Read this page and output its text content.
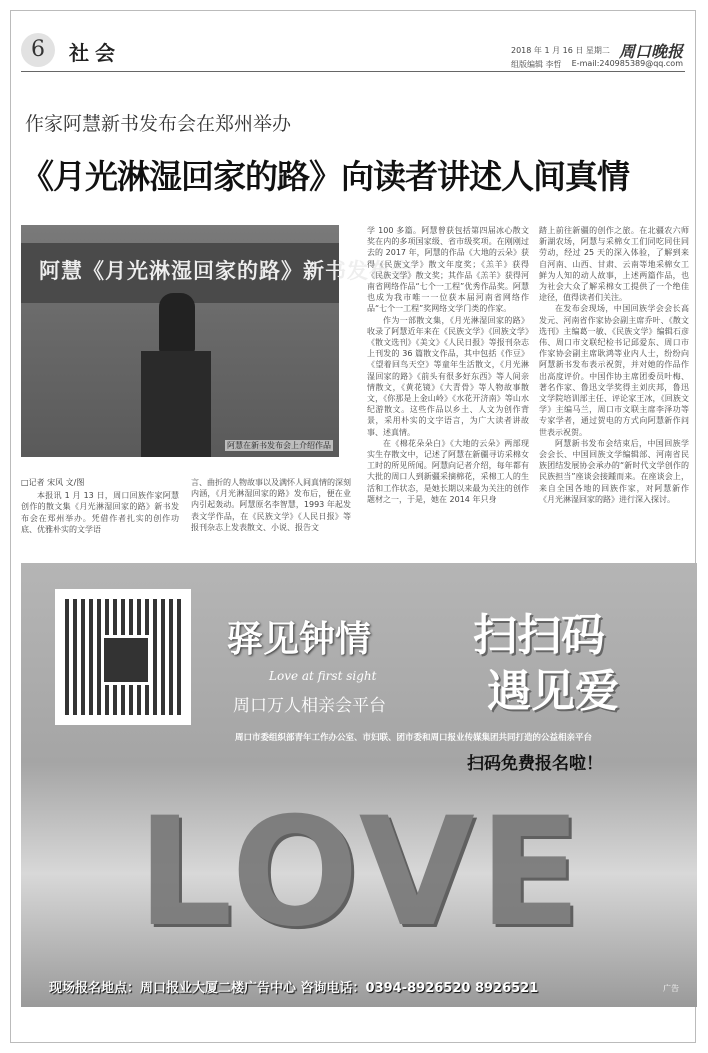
6	社会	2018 年 1 月 16 日 星期二 周口晚报
组版编辑 李哲 E-mail:240985389@qq.com
作家阿慧新书发布会在郑州举办
《月光淋湿回家的路》向读者讲述人间真情
阿慧《月光淋湿回家的路》新书发布会
阿慧在新书发布会上介绍作品
□记者 宋风 文/图

本报讯 1 月 13 日，周口回族作家阿慧创作的散文集《月光淋湿回家的路》新书发布会在郑州举办。凭借作者扎实的创作功底、优雅朴实的文学语

言、曲折的人物故事以及满怀人间真情的深刻内涵，《月光淋湿回家的路》发布后，便在业内引起轰动。阿慧原名李智慧，1993 年起发表文学作品，在《民族文学》《人民日报》等报刊杂志上发表散文、小说、报告文

学 100 多篇。阿慧曾获包括第四届冰心散文奖在内的多项国家级、省市级奖项。在刚刚过去的 2017 年，阿慧的作品《大地的云朵》获得《民族文学》散文年度奖；《羔羊》获得《民族文学》散文奖；其作品《羔羊》获得河南省网络作品“七个一工程”优秀作品奖。阿慧也成为我市唯一一位获本届河南省网络作品“七个一工程”奖网络文学门类的作家。

作为一部散文集，《月光淋湿回家的路》收录了阿慧近年来在《民族文学》《回族文学》《散文选刊》《美文》《人民日报》等报刊杂志上刊发的 36 篇散文作品，其中包括《作豆》《望着回鸟天空》等童年生活散文，《月光淋湿回家的路》《前头有很多好东西》等人间亲情散文，《黄花镜》《大青骨》等人物故事散文，《你那是上金山岭》《水花开济南》等山水纪游散文。这些作品以乡土、人文为创作背景，采用朴实的文字语言，为广大读者讲故事、述真情。

在《棉花朵朵白》《大地的云朵》两部现实生存散文中，记述了阿慧在新疆寻访采棉女工时的所见所闻。阿慧向记者介绍，每年都有大批的周口人到新疆采摘棉花，采棉工人的生活和工作状态，是她长期以来最为关注的创作题材之一，于是，她在 2014 年只身

踏上前往新疆的创作之旅。在北疆农六师新湖农场，阿慧与采棉女工们同吃同住同劳动，经过 25 天的深入体验，了解到来自河南、山西、甘肃、云南等地采棉女工鲜为人知的动人故事，上述两篇作品，也为社会大众了解采棉女工提供了一个绝佳途径，值得读者们关注。

在发布会现场，中国回族学会会长高发元、河南省作家协会副主席乔叶、《散文选刊》主编葛一敏、《民族文学》编辑石彦伟、周口市文联纪检书记邱爱东、周口市作家协会副主席耿鸿等业内人士，纷纷向阿慧新书发布表示祝贺，并对她的作品作出高度评价。中国作协主席团委员叶梅、著名作家、鲁迅文学奖得主刘庆邦，鲁迅文学院培训部主任、评论家王冰，《回族文学》主编马兰，周口市文联主席李泽功等专家学者，通过贺电的方式向阿慧新作问世表示祝贺。

阿慧新书发布会结束后，中国回族学会会长、中国回族文学编辑部、河南省民族团结发展协会承办的“新时代文学创作的民族担当”座谈会接踵而来。在座谈会上，来自全国各地的回族作家，对阿慧新作《月光淋湿回家的路》进行深入探讨。

驿见钟情
Love at first sight
周口万人相亲会平台
扫扫码
遇见爱
周口市委组织部青年工作办公室、市妇联、团市委和周口报业传媒集团共同打造的公益相亲平台
扫码免费报名啦！
LOVE
现场报名地点：周口报业大厦二楼广告中心 咨询电话：0394-8926520 8926521	广告
